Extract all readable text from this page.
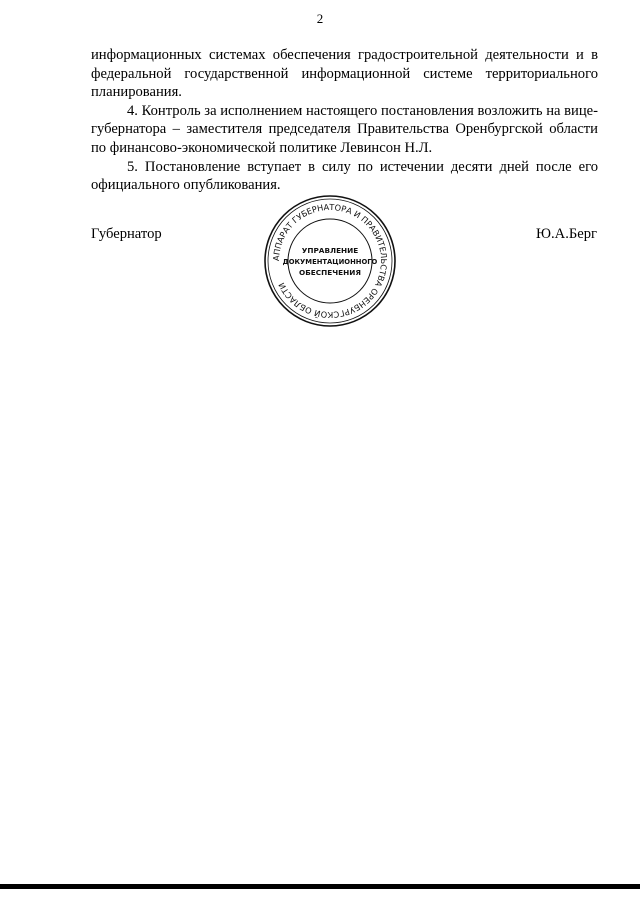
2

информационных системах обеспечения градостроительной деятельности и в федеральной государственной информационной системе территориального планирования.

4. Контроль за исполнением настоящего постановления возложить на вице-губернатора – заместителя председателя Правительства Оренбургской области по финансово-экономической политике Левинсон Н.Л.

5. Постановление вступает в силу по истечении десяти дней после его официального опубликования.

Губернатор	Ю.А.Берг
АППАРАТ ГУБЕРНАТОРА И ПРАВИТЕЛЬСТВА ОРЕНБУРГСКОЙ ОБЛАСТИ
УПРАВЛЕНИЕ
ДОКУМЕНТАЦИОННОГО
ОБЕСПЕЧЕНИЯ
